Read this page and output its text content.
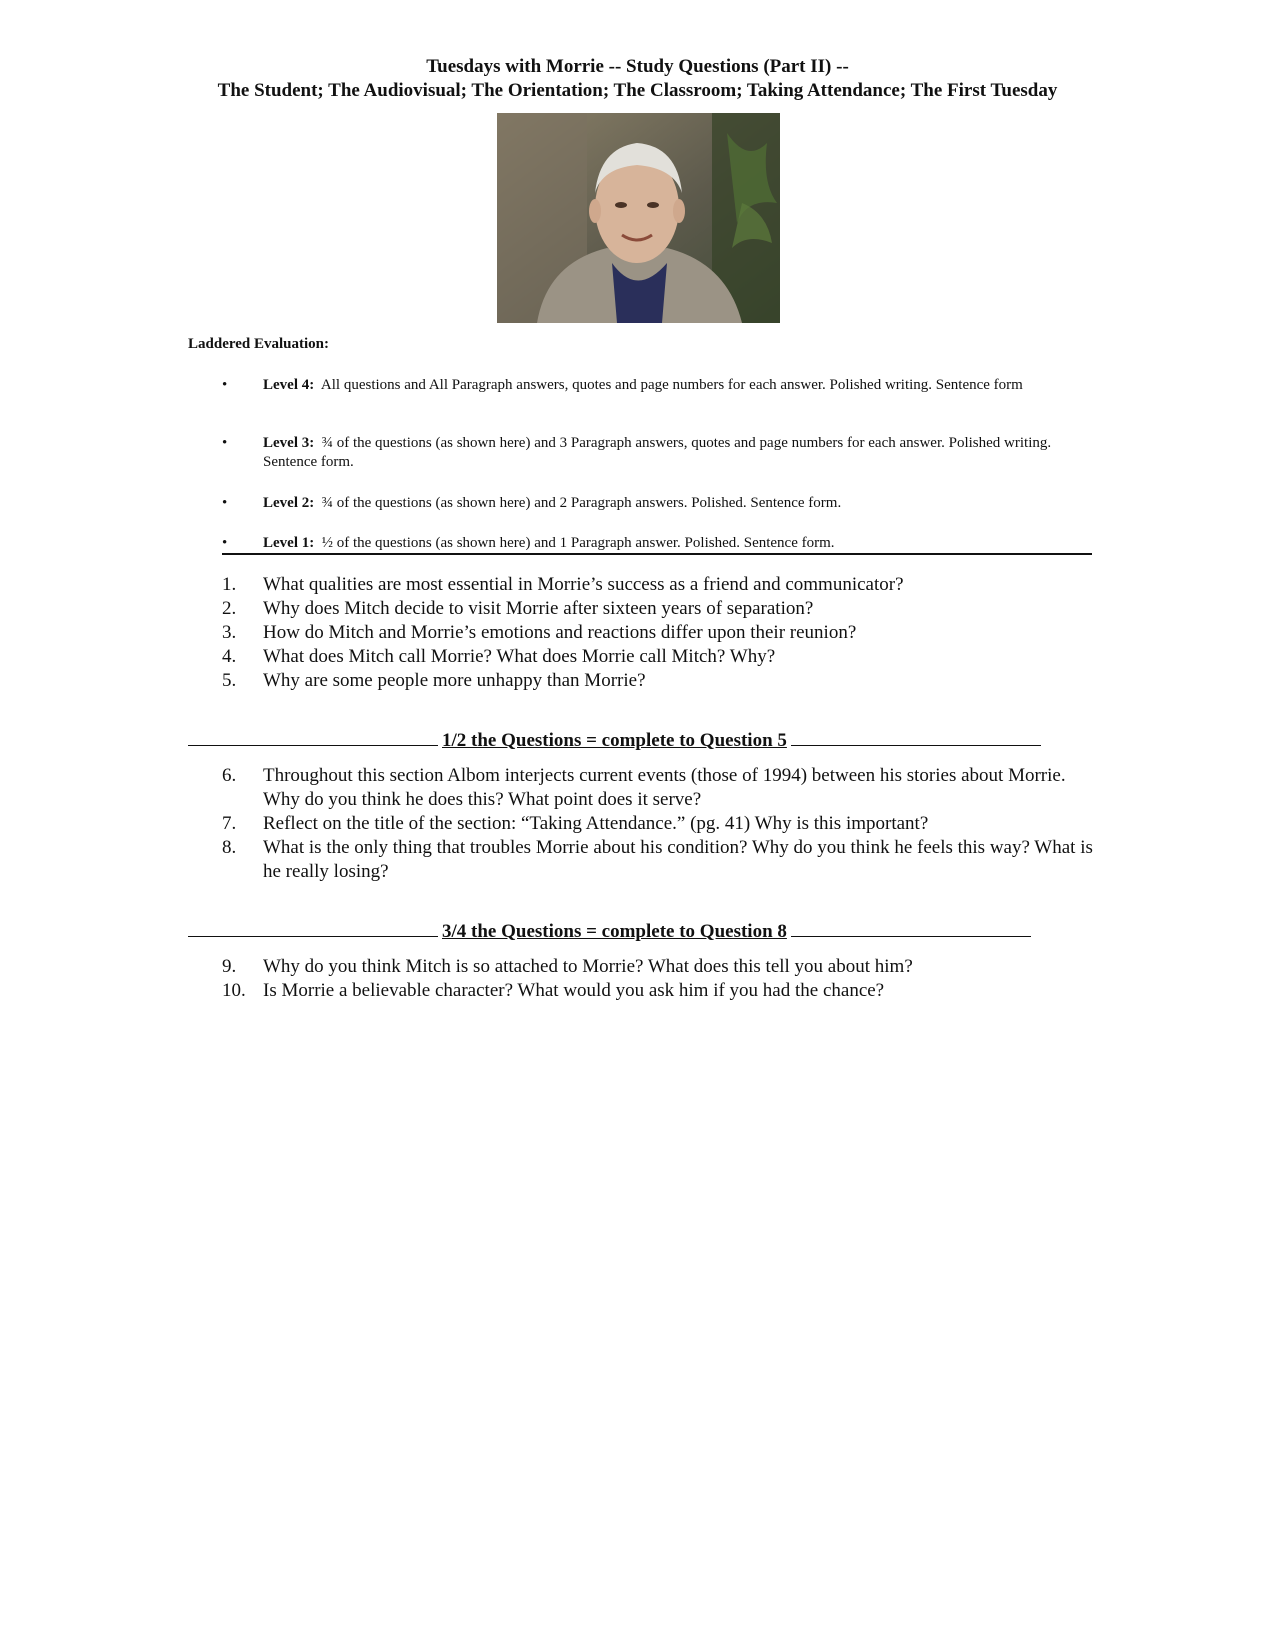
Tuesdays with Morrie -- Study Questions (Part II) --
The Student; The Audiovisual; The Orientation; The Classroom; Taking Attendance; The First Tuesday
Laddered Evaluation:
• Level 4: All questions and All Paragraph answers, quotes and page numbers for each answer. Polished writing. Sentence form
• Level 3: ¾ of the questions (as shown here) and 3 Paragraph answers, quotes and page numbers for each answer. Polished writing. Sentence form.
• Level 2: ¾ of the questions (as shown here) and 2 Paragraph answers. Polished. Sentence form.
• Level 1: ½ of the questions (as shown here) and 1 Paragraph answer. Polished. Sentence form.
1.	What qualities are most essential in Morrie’s success as a friend and communicator?
2.	Why does Mitch decide to visit Morrie after sixteen years of separation?
3.	How do Mitch and Morrie’s emotions and reactions differ upon their reunion?
4.	What does Mitch call Morrie? What does Morrie call Mitch? Why?
5.	Why are some people more unhappy than Morrie?
1/2 the Questions = complete to Question 5
6.	Throughout this section Albom interjects current events (those of 1994) between his stories about Morrie. Why do you think he does this? What point does it serve?
7.	Reflect on the title of the section: “Taking Attendance.” (pg. 41) Why is this important?
8.	What is the only thing that troubles Morrie about his condition? Why do you think he feels this way? What is he really losing?
3/4 the Questions = complete to Question 8
9.	Why do you think Mitch is so attached to Morrie? What does this tell you about him?
10. Is Morrie a believable character? What would you ask him if you had the chance?
